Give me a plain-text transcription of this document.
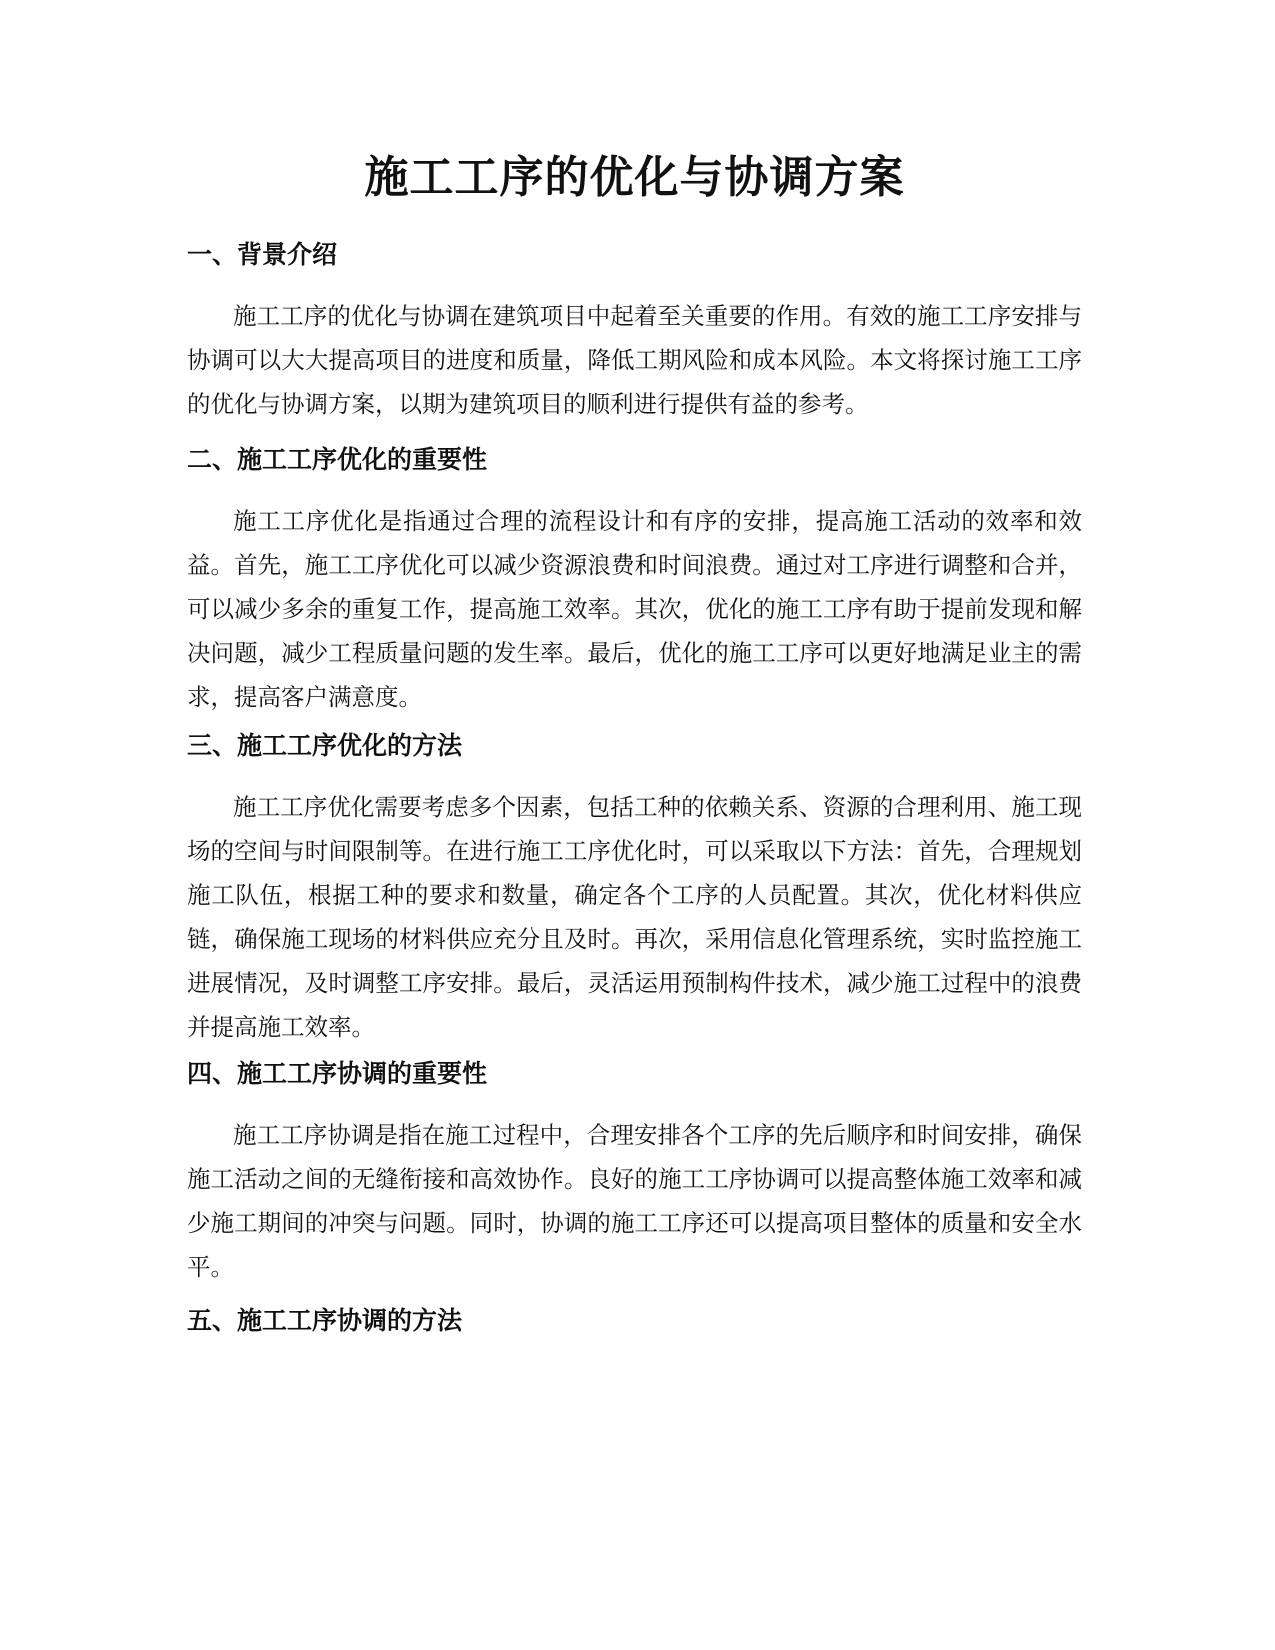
施工工序的优化与协调方案
一、背景介绍

施工工序的优化与协调在建筑项目中起着至关重要的作用。有效的施工工序安排与协调可以大大提高项目的进度和质量，降低工期风险和成本风险。本文将探讨施工工序的优化与协调方案，以期为建筑项目的顺利进行提供有益的参考。

二、施工工序优化的重要性

施工工序优化是指通过合理的流程设计和有序的安排，提高施工活动的效率和效益。首先，施工工序优化可以减少资源浪费和时间浪费。通过对工序进行调整和合并，可以减少多余的重复工作，提高施工效率。其次，优化的施工工序有助于提前发现和解决问题，减少工程质量问题的发生率。最后，优化的施工工序可以更好地满足业主的需求，提高客户满意度。

三、施工工序优化的方法

施工工序优化需要考虑多个因素，包括工种的依赖关系、资源的合理利用、施工现场的空间与时间限制等。在进行施工工序优化时，可以采取以下方法：首先，合理规划施工队伍，根据工种的要求和数量，确定各个工序的人员配置。其次，优化材料供应链，确保施工现场的材料供应充分且及时。再次，采用信息化管理系统，实时监控施工进展情况，及时调整工序安排。最后，灵活运用预制构件技术，减少施工过程中的浪费并提高施工效率。

四、施工工序协调的重要性

施工工序协调是指在施工过程中，合理安排各个工序的先后顺序和时间安排，确保施工活动之间的无缝衔接和高效协作。良好的施工工序协调可以提高整体施工效率和减少施工期间的冲突与问题。同时，协调的施工工序还可以提高项目整体的质量和安全水平。

五、施工工序协调的方法
